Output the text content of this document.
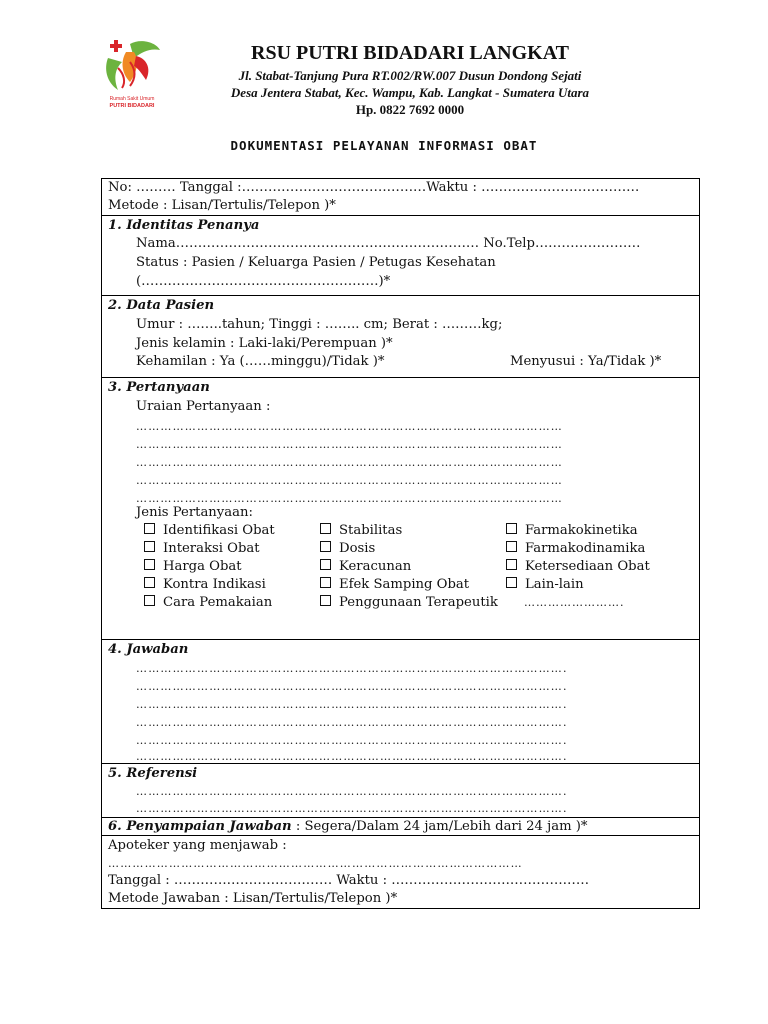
Rumah Sakit Umum
PUTRI BIDADARI
RSU PUTRI BIDADARI LANGKAT
Jl. Stabat-Tanjung Pura RT.002/RW.007 Dusun Dondong Sejati
Desa Jentera Stabat, Kec. Wampu, Kab. Langkat - Sumatera Utara
Hp. 0822 7692 0000
DOKUMENTASI PELAYANAN INFORMASI OBAT
No: ……… Tanggal :……………………………………Waktu : ………………………………
Metode : Lisan/Tertulis/Telepon )*
1. Identitas Penanya
Nama…………………………………………………………… No.Telp……………………
Status : Pasien / Keluarga Pasien / Petugas Kesehatan
(………………………………………………)*
2. Data Pasien
Umur : ……..tahun; Tinggi : …….. cm; Berat : ………kg;
Jenis kelamin : Laki-laki/Perempuan )*
Kehamilan : Ya (……minggu)/Tidak )*	Menyusui : Ya/Tidak )*
3. Pertanyaan
Uraian Pertanyaan :
……………………………………………………………………………………………
……………………………………………………………………………………………
……………………………………………………………………………………………
……………………………………………………………………………………………
……………………………………………………………………………………………
Jenis Pertanyaan:
Identifikasi Obat
Interaksi Obat
Harga Obat
Kontra Indikasi
Cara Pemakaian
Stabilitas
Dosis
Keracunan
Efek Samping Obat
Penggunaan Terapeutik
Farmakokinetika
Farmakodinamika
Ketersediaan Obat
Lain-lain
…………………….
4. Jawaban
…………………………………………………………………………………………….
…………………………………………………………………………………………….
…………………………………………………………………………………………….
…………………………………………………………………………………………….
…………………………………………………………………………………………….
…………………………………………………………………………………………….
5. Referensi
…………………………………………………………………………………………….
…………………………………………………………………………………………….
6. Penyampaian Jawaban : Segera/Dalam 24 jam/Lebih dari 24 jam )*
Apoteker yang menjawab :
…………………………………………………………………………………………
Tanggal : ……………………………… Waktu : ………………………………………
Metode Jawaban : Lisan/Tertulis/Telepon )*
